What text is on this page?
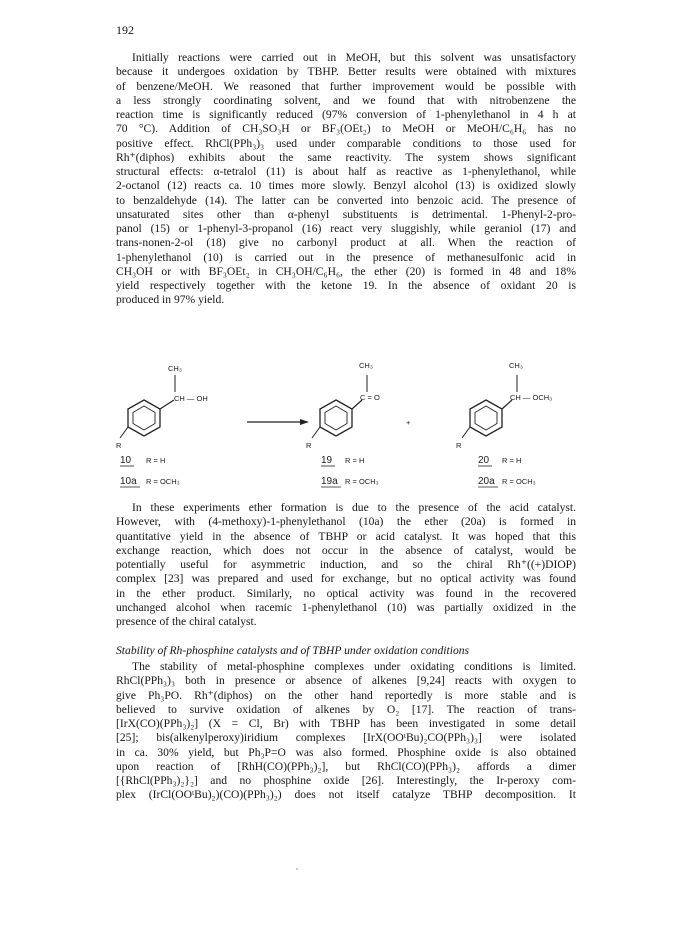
192
Initially reactions were carried out in MeOH, but this solvent was unsatisfactory
because it undergoes oxidation by TBHP. Better results were obtained with mixtures
of benzene/MeOH. We reasoned that further improvement would be possible with
a less strongly coordinating solvent, and we found that with nitrobenzene the
reaction time is significantly reduced (97% conversion of 1-phenylethanol in 4 h at
70 °C). Addition of CH₃SO₃H or BF₃(OEt₂) to MeOH or MeOH/C₆H₆ has no
positive effect. RhCl(PPh₃)₃ used under comparable conditions to those used for
Rh⁺(diphos) exhibits about the same reactivity. The system shows significant
structural effects: α-tetralol (11) is about half as reactive as 1-phenylethanol, while
2-octanol (12) reacts ca. 10 times more slowly. Benzyl alcohol (13) is oxidized slowly
to benzaldehyde (14). The latter can be converted into benzoic acid. The presence of
unsaturated sites other than α-phenyl substituents is detrimental. 1-Phenyl-2-pro-
panol (15) or 1-phenyl-3-propanol (16) react very sluggishly, while geraniol (17) and
trans-nonen-2-ol (18) give no carbonyl product at all. When the reaction of
1-phenylethanol (10) is carried out in the presence of methanesulfonic acid in
CH₃OH or with BF₃OEt₂ in CH₃OH/C₆H₆, the ether (20) is formed in 48 and 18%
yield respectively together with the ketone 19. In the absence of oxidant 20 is
produced in 97% yield.
CH₃
CH — OH
R
CH₃
C = O
R
+
CH₃
CH — OCH₃
R
10 R = H
10a R = OCH₃
19 R = H
19a R = OCH₃
20 R = H
20a R = OCH₃
In these experiments ether formation is due to the presence of the acid catalyst.
However, with (4-methoxy)-1-phenylethanol (10a) the ether (20a) is formed in
quantitative yield in the absence of TBHP or acid catalyst. It was hoped that this
exchange reaction, which does not occur in the absence of catalyst, would be
potentially useful for asymmetric induction, and so the chiral Rh⁺((+)DIOP)
complex [23] was prepared and used for exchange, but no optical activity was found
in the ether product. Similarly, no optical activity was found in the recovered
unchanged alcohol when racemic 1-phenylethanol (10) was partially oxidized in the
presence of the chiral catalyst.
Stability of Rh-phosphine catalysts and of TBHP under oxidation conditions
The stability of metal-phosphine complexes under oxidating conditions is limited.
RhCl(PPh₃)₃ both in presence or absence of alkenes [9,24] reacts with oxygen to
give Ph₃PO. Rh⁺(diphos) on the other hand reportedly is more stable and is
believed to survive oxidation of alkenes by O₂ [17]. The reaction of trans-
[IrX(CO)(PPh₃)₂] (X = Cl, Br) with TBHP has been investigated in some detail
[25]; bis(alkenylperoxy)iridium complexes [IrX(OOᵗBu)₂CO(PPh₃)₃] were isolated
in ca. 30% yield, but Ph₃P=O was also formed. Phosphine oxide is also obtained
upon reaction of [RhH(CO)(PPh₃)₂], but RhCl(CO)(PPh₃)₂ affords a dimer
[{RhCl(PPh₃)₂}₂] and no phosphine oxide [26]. Interestingly, the Ir-peroxy com-
plex (IrCl(OOᵗBu)₂)(CO)(PPh₃)₂) does not itself catalyze TBHP decomposition. It
